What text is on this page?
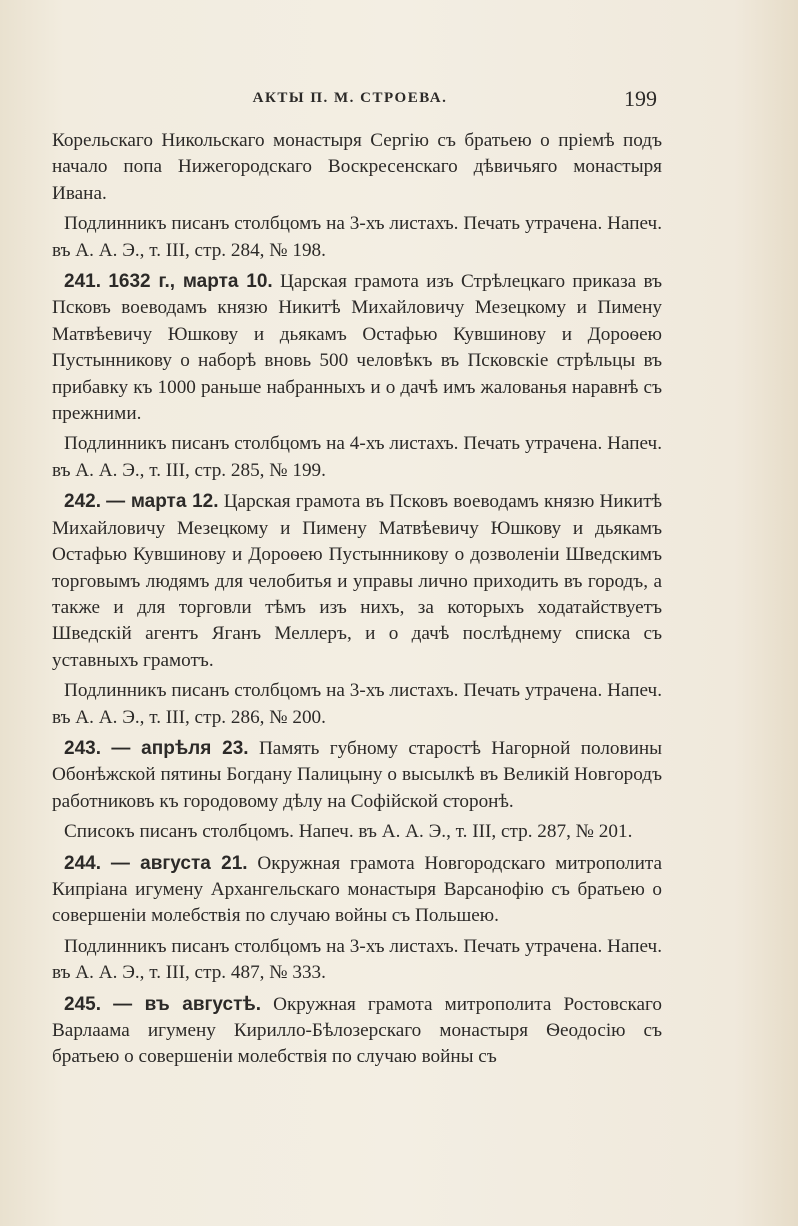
АКТЫ П. М. СТРОЕВА.	199

Корельскаго Никольскаго монастыря Сергію съ братьею о пріемѣ подъ начало попа Нижегородскаго Воскресенскаго дѣвичьяго монастыря Ивана.

Подлинникъ писанъ столбцомъ на 3-хъ листахъ. Печать утрачена. Напеч. въ А. А. Э., т. III, стр. 284, № 198.

241. 1632 г., марта 10. Царская грамота изъ Стрѣлецкаго приказа въ Псковъ воеводамъ князю Никитѣ Михайловичу Мезецкому и Пимену Матвѣевичу Юшкову и дьякамъ Остафью Кувшинову и Дороѳею Пустынникову о наборѣ вновь 500 человѣкъ въ Псковскіе стрѣльцы въ прибавку къ 1000 раньше набранныхъ и о дачѣ имъ жалованья наравнѣ съ прежними.

Подлинникъ писанъ столбцомъ на 4-хъ листахъ. Печать утрачена. Напеч. въ А. А. Э., т. III, стр. 285, № 199.

242. — марта 12. Царская грамота въ Псковъ воеводамъ князю Никитѣ Михайловичу Мезецкому и Пимену Матвѣевичу Юшкову и дьякамъ Остафью Кувшинову и Дороѳею Пустынникову о дозволеніи Шведскимъ торговымъ людямъ для челобитья и управы лично приходить въ городъ, а также и для торговли тѣмъ изъ нихъ, за которыхъ ходатайствуетъ Шведскій агентъ Яганъ Меллеръ, и о дачѣ послѣднему списка съ уставныхъ грамотъ.

Подлинникъ писанъ столбцомъ на 3-хъ листахъ. Печать утрачена. Напеч. въ А. А. Э., т. III, стр. 286, № 200.

243. — апрѣля 23. Память губному старостѣ Нагорной половины Обонѣжской пятины Богдану Палицыну о высылкѣ въ Великій Новгородъ работниковъ къ городовому дѣлу на Софійской сторонѣ.

Списокъ писанъ столбцомъ. Напеч. въ А. А. Э., т. III, стр. 287, № 201.

244. — августа 21. Окружная грамота Новгородскаго митрополита Кипріана игумену Архангельскаго монастыря Варсанофію съ братьею о совершеніи молебствія по случаю войны съ Польшею.

Подлинникъ писанъ столбцомъ на 3-хъ листахъ. Печать утрачена. Напеч. въ А. А. Э., т. III, стр. 487, № 333.

245. — въ августѣ. Окружная грамота митрополита Ростовскаго Варлаама игумену Кирилло-Бѣлозерскаго монастыря Ѳеодосію съ братьею о совершеніи молебствія по случаю войны съ
